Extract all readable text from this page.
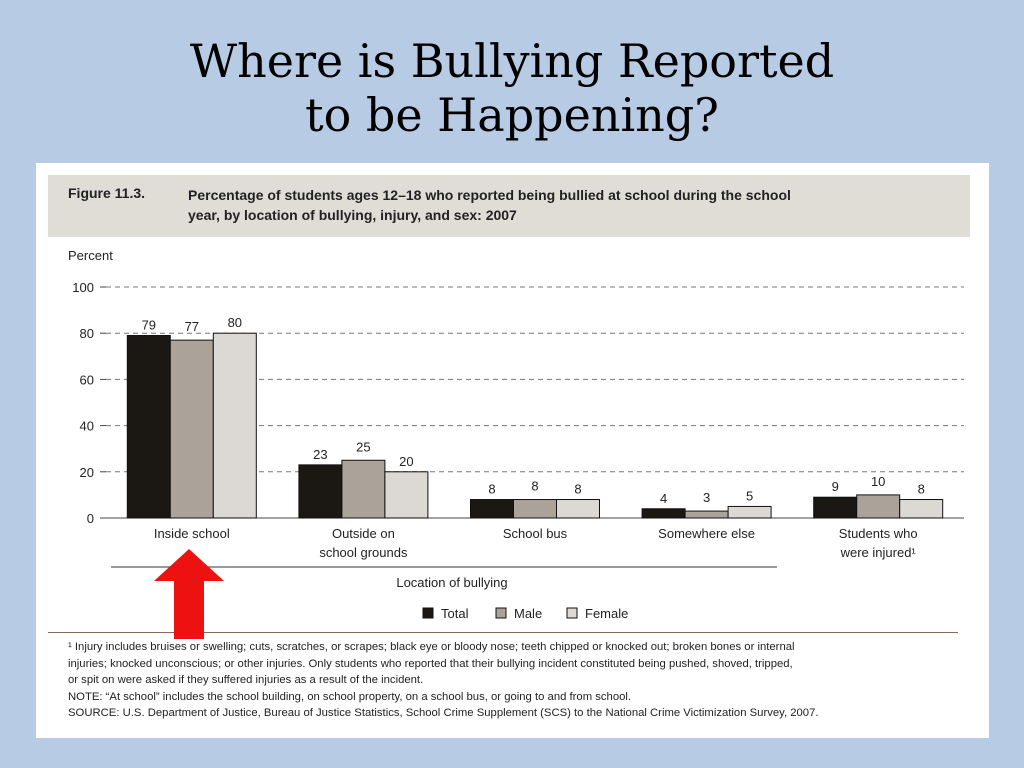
Where is Bullying Reported
to be Happening?
Figure 11.3.	Percentage of students ages 12–18 who reported being bullied at school during the school
year, by location of bullying, injury, and sex: 2007
Percent
0
20
40
60
80
100
79 77 80
Inside school
23
25
20
Outside on
school grounds
8	8	8
School bus
4	3	5
Somewhere else
9 10
8
Students who
were injured¹
Location of bullying
Total	Male	Female

¹ Injury includes bruises or swelling; cuts, scratches, or scrapes; black eye or bloody nose; teeth chipped or knocked out; broken bones or internal

injuries; knocked unconscious; or other injuries. Only students who reported that their bullying incident constituted being pushed, shoved, tripped,

or spit on were asked if they suffered injuries as a result of the incident.

NOTE: “At school” includes the school building, on school property, on a school bus, or going to and from school.

SOURCE: U.S. Department of Justice, Bureau of Justice Statistics, School Crime Supplement (SCS) to the National Crime Victimization Survey, 2007.
